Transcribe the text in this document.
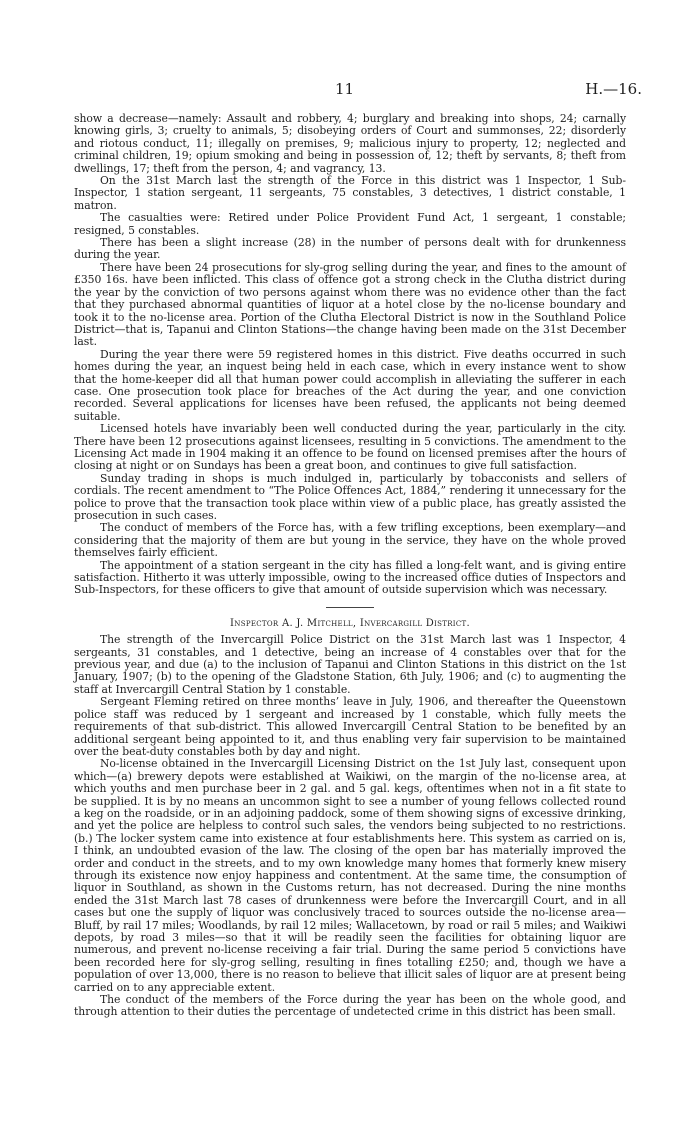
11	H.—16.

show a decrease—namely: Assault and robbery, 4; burglary and breaking into shops, 24; carnally knowing girls, 3; cruelty to animals, 5; disobeying orders of Court and summonses, 22; disorderly and riotous conduct, 11; illegally on premises, 9; malicious injury to property, 12; neglected and criminal children, 19; opium smoking and being in possession of, 12; theft by servants, 8; theft from dwellings, 17; theft from the person, 4; and vagrancy, 13.

On the 31st March last the strength of the Force in this district was 1 Inspector, 1 Sub-Inspector, 1 station sergeant, 11 sergeants, 75 constables, 3 detectives, 1 district constable, 1 matron.

The casualties were: Retired under Police Provident Fund Act, 1 sergeant, 1 constable; resigned, 5 constables.

There has been a slight increase (28) in the number of persons dealt with for drunkenness during the year.

There have been 24 prosecutions for sly-grog selling during the year, and fines to the amount of £350 16s. have been inflicted. This class of offence got a strong check in the Clutha district during the year by the conviction of two persons against whom there was no evidence other than the fact that they purchased abnormal quantities of liquor at a hotel close by the no-license boundary and took it to the no-license area. Portion of the Clutha Electoral District is now in the Southland Police District—that is, Tapanui and Clinton Stations—the change having been made on the 31st December last.

During the year there were 59 registered homes in this district. Five deaths occurred in such homes during the year, an inquest being held in each case, which in every instance went to show that the home-keeper did all that human power could accomplish in alleviating the sufferer in each case. One prosecution took place for breaches of the Act during the year, and one conviction recorded. Several applications for licenses have been refused, the applicants not being deemed suitable.

Licensed hotels have invariably been well conducted during the year, particularly in the city. There have been 12 prosecutions against licensees, resulting in 5 convictions. The amendment to the Licensing Act made in 1904 making it an offence to be found on licensed premises after the hours of closing at night or on Sundays has been a great boon, and continues to give full satisfaction.

Sunday trading in shops is much indulged in, particularly by tobacconists and sellers of cordials. The recent amendment to “The Police Offences Act, 1884,” rendering it unnecessary for the police to prove that the transaction took place within view of a public place, has greatly assisted the prosecution in such cases.

The conduct of members of the Force has, with a few trifling exceptions, been exemplary—and considering that the majority of them are but young in the service, they have on the whole proved themselves fairly efficient.

The appointment of a station sergeant in the city has filled a long-felt want, and is giving entire satisfaction. Hitherto it was utterly impossible, owing to the increased office duties of Inspectors and Sub-Inspectors, for these officers to give that amount of outside supervision which was necessary.

Inspector A. J. Mitchell, Invercargill District.

The strength of the Invercargill Police District on the 31st March last was 1 Inspector, 4 sergeants, 31 constables, and 1 detective, being an increase of 4 constables over that for the previous year, and due (a) to the inclusion of Tapanui and Clinton Stations in this district on the 1st January, 1907; (b) to the opening of the Gladstone Station, 6th July, 1906; and (c) to augmenting the staff at Invercargill Central Station by 1 constable.

Sergeant Fleming retired on three months’ leave in July, 1906, and thereafter the Queenstown police staff was reduced by 1 sergeant and increased by 1 constable, which fully meets the requirements of that sub-district. This allowed Invercargill Central Station to be benefited by an additional sergeant being appointed to it, and thus enabling very fair supervision to be maintained over the beat-duty constables both by day and night.

No-license obtained in the Invercargill Licensing District on the 1st July last, consequent upon which—(a) brewery depots were established at Waikiwi, on the margin of the no-license area, at which youths and men purchase beer in 2 gal. and 5 gal. kegs, oftentimes when not in a fit state to be supplied. It is by no means an uncommon sight to see a number of young fellows collected round a keg on the roadside, or in an adjoining paddock, some of them showing signs of excessive drinking, and yet the police are helpless to control such sales, the vendors being subjected to no restrictions. (b.) The locker system came into existence at four establishments here. This system as carried on is, I think, an undoubted evasion of the law. The closing of the open bar has materially improved the order and conduct in the streets, and to my own knowledge many homes that formerly knew misery through its existence now enjoy happiness and contentment. At the same time, the consumption of liquor in Southland, as shown in the Customs return, has not decreased. During the nine months ended the 31st March last 78 cases of drunkenness were before the Invercargill Court, and in all cases but one the supply of liquor was conclusively traced to sources outside the no-license area—Bluff, by rail 17 miles; Woodlands, by rail 12 miles; Wallacetown, by road or rail 5 miles; and Waikiwi depots, by road 3 miles—so that it will be readily seen the facilities for obtaining liquor are numerous, and prevent no-license receiving a fair trial. During the same period 5 convictions have been recorded here for sly-grog selling, resulting in fines totalling £250; and, though we have a population of over 13,000, there is no reason to believe that illicit sales of liquor are at present being carried on to any appreciable extent.

The conduct of the members of the Force during the year has been on the whole good, and through attention to their duties the percentage of undetected crime in this district has been small.
